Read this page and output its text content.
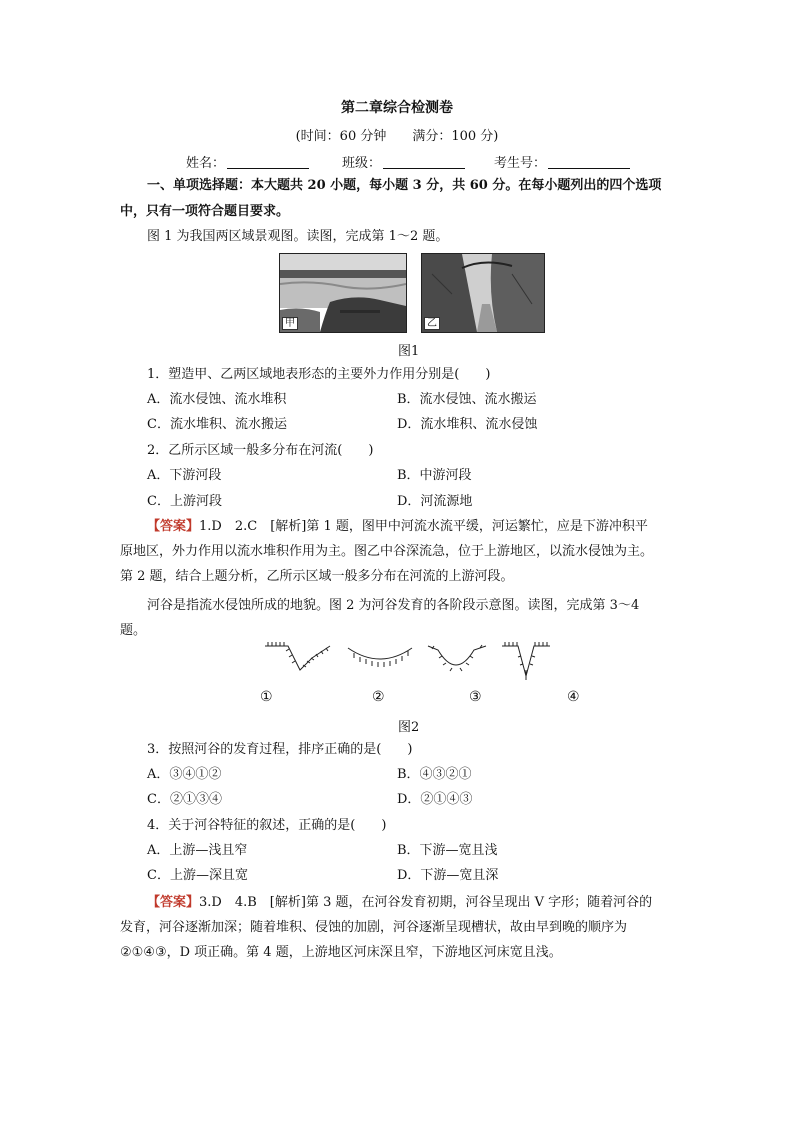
第二章综合检测卷
(时间：60 分钟　　满分：100 分)
姓名：	班级：	考生号：
一、单项选择题：本大题共 20 小题，每小题 3 分，共 60 分。在每小题列出的四个选项
中，只有一项符合题目要求。
图 1 为我国两区域景观图。读图，完成第 1～2 题。
甲	乙
图1
1．塑造甲、乙两区域地表形态的主要外力作用分别是(　　)
A．流水侵蚀、流水堆积	B．流水侵蚀、流水搬运
C．流水堆积、流水搬运	D．流水堆积、流水侵蚀
2．乙所示区域一般多分布在河流(　　)
A．下游河段	B．中游河段
C．上游河段	D．河流源地
【答案】1.D　2.C　[解析]第 1 题，图甲中河流水流平缓，河运繁忙，应是下游冲积平
原地区，外力作用以流水堆积作用为主。图乙中谷深流急，位于上游地区，以流水侵蚀为主。
第 2 题，结合上题分析，乙所示区域一般多分布在河流的上游河段。
河谷是指流水侵蚀所成的地貌。图 2 为河谷发育的各阶段示意图。读图，完成第 3～4
题。
①	②	③	④
图2
3．按照河谷的发育过程，排序正确的是(　　)
A．③④①②	B．④③②①
C．②①③④	D．②①④③
4．关于河谷特征的叙述，正确的是(　　)
A．上游—浅且窄	B．下游—宽且浅
C．上游—深且宽	D．下游—宽且深
【答案】3.D　4.B　[解析]第 3 题，在河谷发育初期，河谷呈现出 V 字形；随着河谷的
发育，河谷逐渐加深；随着堆积、侵蚀的加剧，河谷逐渐呈现槽状，故由早到晚的顺序为
②①④③，D 项正确。第 4 题，上游地区河床深且窄，下游地区河床宽且浅。
